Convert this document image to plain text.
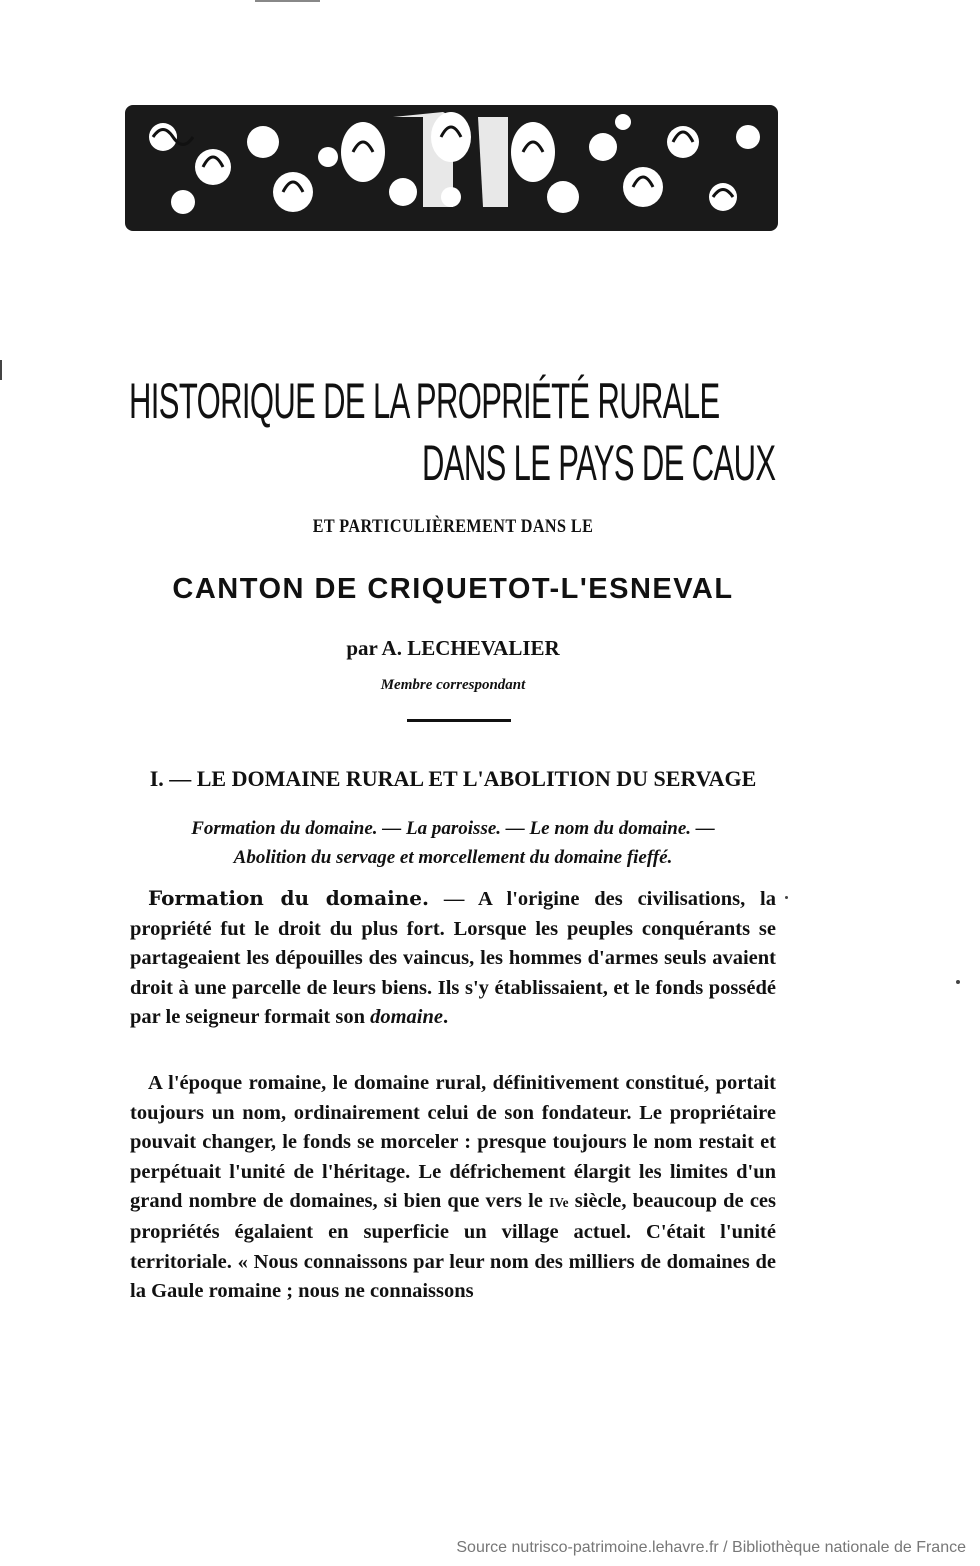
HISTORIQUE DE LA PROPRIÉTÉ RURALE
DANS LE PAYS DE CAUX
ET PARTICULIÈREMENT DANS LE
CANTON DE CRIQUETOT-L'ESNEVAL
par A. LECHEVALIER
Membre correspondant
I. — LE DOMAINE RURAL ET L'ABOLITION DU SERVAGE
Formation du domaine. — La paroisse. — Le nom du domaine. —
Abolition du servage et morcellement du domaine fieffé.
Formation du domaine. — A l'origine des civilisations, la propriété fut le droit du plus fort. Lorsque les peuples conquérants se partageaient les dépouilles des vaincus, les hommes d'armes seuls avaient droit à une parcelle de leurs biens. Ils s'y établissaient, et le fonds possédé par le seigneur formait son domaine.
A l'époque romaine, le domaine rural, définitivement constitué, portait toujours un nom, ordinairement celui de son fondateur. Le propriétaire pouvait changer, le fonds se morceler : presque toujours le nom restait et perpétuait l'unité de l'héritage. Le défrichement élargit les limites d'un grand nombre de domaines, si bien que vers le IVe siècle, beaucoup de ces propriétés égalaient en superficie un village actuel. C'était l'unité territoriale. « Nous connaissons par leur nom des milliers de domaines de la Gaule romaine ; nous ne connaissons
Source nutrisco-patrimoine.lehavre.fr / Bibliothèque nationale de France
